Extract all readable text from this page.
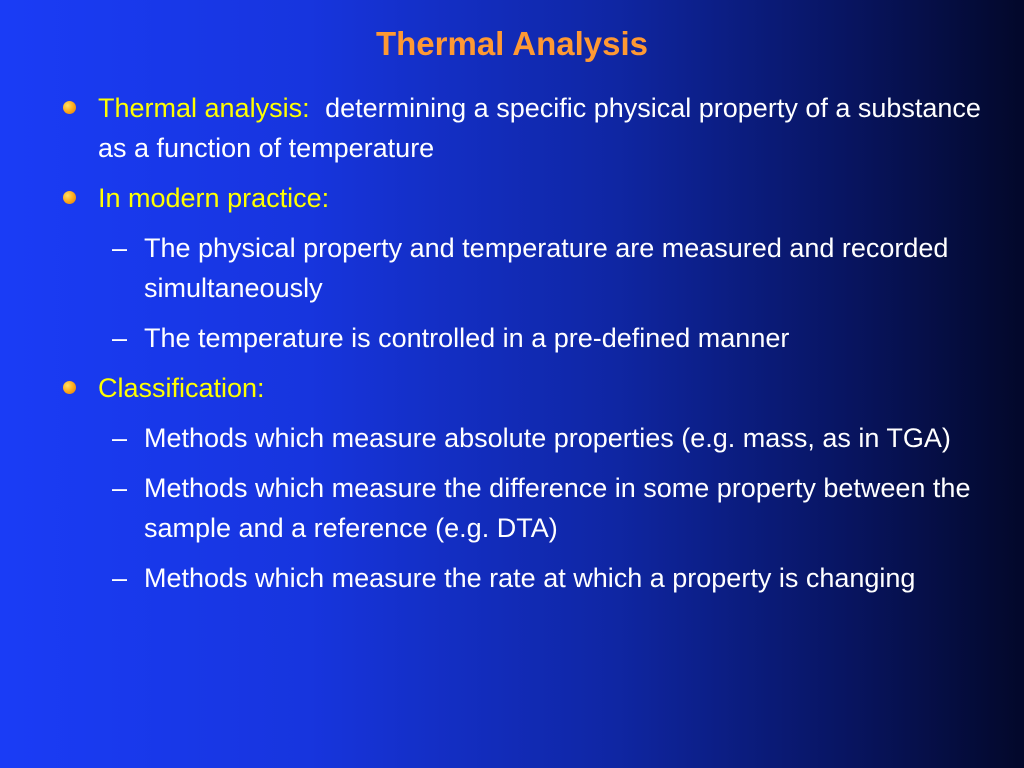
Thermal Analysis
Thermal analysis: determining a specific physical property of a substance as a function of temperature
In modern practice:
– The physical property and temperature are measured and recorded simultaneously
– The temperature is controlled in a pre-defined manner
Classification:
– Methods which measure absolute properties (e.g. mass, as in TGA)
– Methods which measure the difference in some property between the sample and a reference (e.g. DTA)
– Methods which measure the rate at which a property is changing
